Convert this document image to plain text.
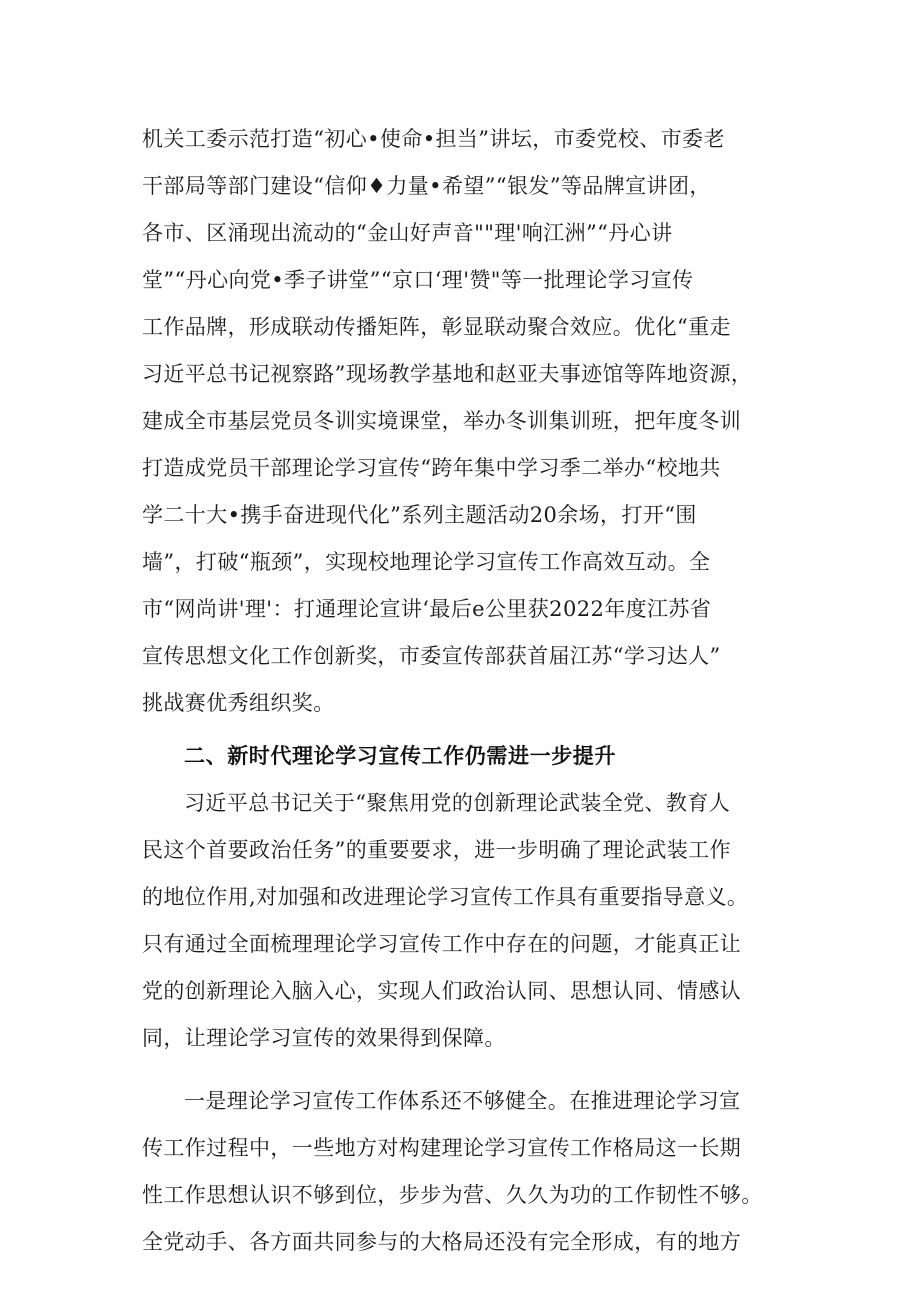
机关工委示范打造“初心•使命•担当”讲坛，市委党校、市委老
干部局等部门建设“信仰♦力量•希望”“银发”等品牌宣讲团，
各市、区涌现出流动的“金山好声音""理'响江洲”“丹心讲
堂”“丹心向党•季子讲堂”“京口‘理'赞"等一批理论学习宣传
工作品牌，形成联动传播矩阵，彰显联动聚合效应。优化“重走
习近平总书记视察路”现场教学基地和赵亚夫事迹馆等阵地资源，
建成全市基层党员冬训实境课堂，举办冬训集训班，把年度冬训
打造成党员干部理论学习宣传“跨年集中学习季二举办“校地共
学二十大•携手奋进现代化”系列主题活动20余场，打开“围
墙”，打破“瓶颈”，实现校地理论学习宣传工作高效互动。全
市“网尚讲'理'：打通理论宣讲‘最后e公里获2022年度江苏省
宣传思想文化工作创新奖，市委宣传部获首届江苏“学习达人”
挑战赛优秀组织奖。
二、新时代理论学习宣传工作仍需进一步提升
习近平总书记关于“聚焦用党的创新理论武装全党、教育人
民这个首要政治任务”的重要要求，进一步明确了理论武装工作
的地位作用,对加强和改进理论学习宣传工作具有重要指导意义。
只有通过全面梳理理论学习宣传工作中存在的问题，才能真正让
党的创新理论入脑入心，实现人们政治认同、思想认同、情感认
同，让理论学习宣传的效果得到保障。
一是理论学习宣传工作体系还不够健全。在推进理论学习宣
传工作过程中，一些地方对构建理论学习宣传工作格局这一长期
性工作思想认识不够到位，步步为营、久久为功的工作韧性不够。
全党动手、各方面共同参与的大格局还没有完全形成，有的地方
